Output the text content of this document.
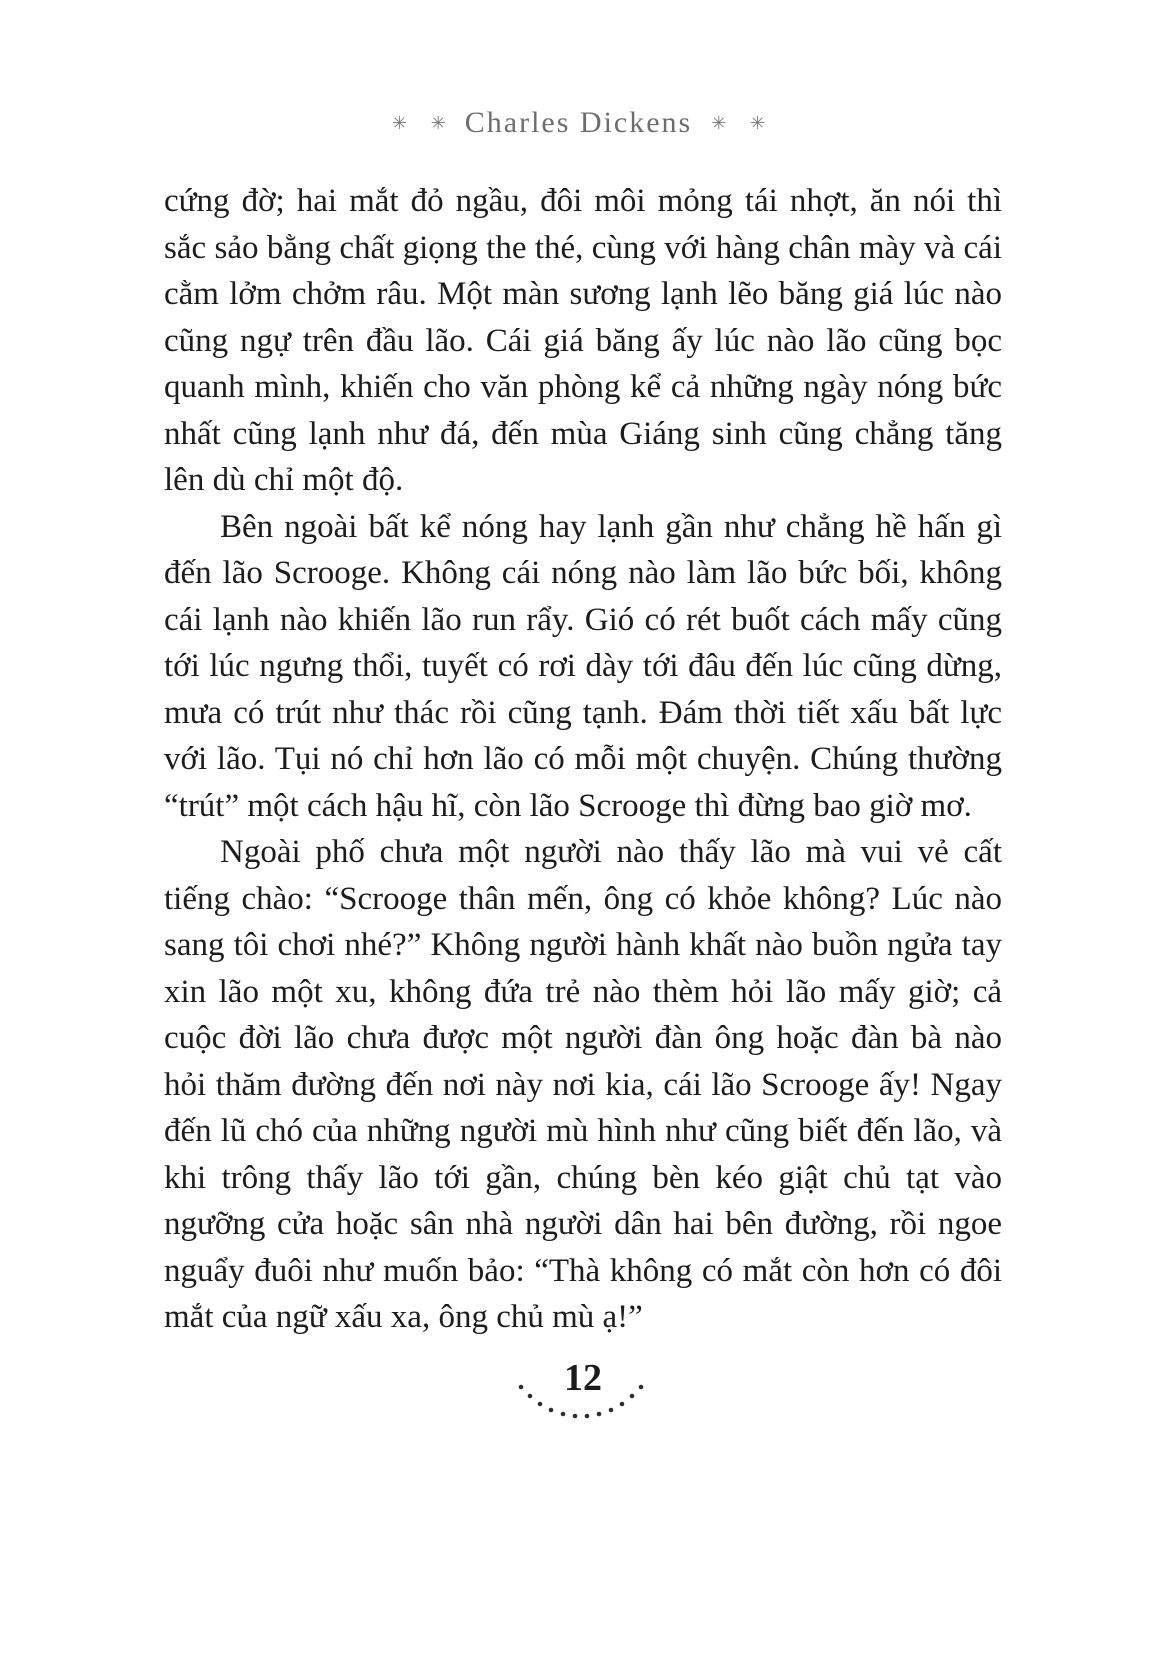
✳ ✳ Charles Dickens ✳ ✳

cứng đờ; hai mắt đỏ ngầu, đôi môi mỏng tái nhợt, ăn nói thì sắc sảo bằng chất giọng the thé, cùng với hàng chân mày và cái cằm lởm chởm râu. Một màn sương lạnh lẽo băng giá lúc nào cũng ngự trên đầu lão. Cái giá băng ấy lúc nào lão cũng bọc quanh mình, khiến cho văn phòng kể cả những ngày nóng bức nhất cũng lạnh như đá, đến mùa Giáng sinh cũng chẳng tăng lên dù chỉ một độ.

Bên ngoài bất kể nóng hay lạnh gần như chẳng hề hấn gì đến lão Scrooge. Không cái nóng nào làm lão bức bối, không cái lạnh nào khiến lão run rẩy. Gió có rét buốt cách mấy cũng tới lúc ngưng thổi, tuyết có rơi dày tới đâu đến lúc cũng dừng, mưa có trút như thác rồi cũng tạnh. Đám thời tiết xấu bất lực với lão. Tụi nó chỉ hơn lão có mỗi một chuyện. Chúng thường “trút” một cách hậu hĩ, còn lão Scrooge thì đừng bao giờ mơ.

Ngoài phố chưa một người nào thấy lão mà vui vẻ cất tiếng chào: “Scrooge thân mến, ông có khỏe không? Lúc nào sang tôi chơi nhé?” Không người hành khất nào buồn ngửa tay xin lão một xu, không đứa trẻ nào thèm hỏi lão mấy giờ; cả cuộc đời lão chưa được một người đàn ông hoặc đàn bà nào hỏi thăm đường đến nơi này nơi kia, cái lão Scrooge ấy! Ngay đến lũ chó của những người mù hình như cũng biết đến lão, và khi trông thấy lão tới gần, chúng bèn kéo giật chủ tạt vào ngưỡng cửa hoặc sân nhà người dân hai bên đường, rồi ngoe nguẩy đuôi như muốn bảo: “Thà không có mắt còn hơn có đôi mắt của ngữ xấu xa, ông chủ mù ạ!”

12
